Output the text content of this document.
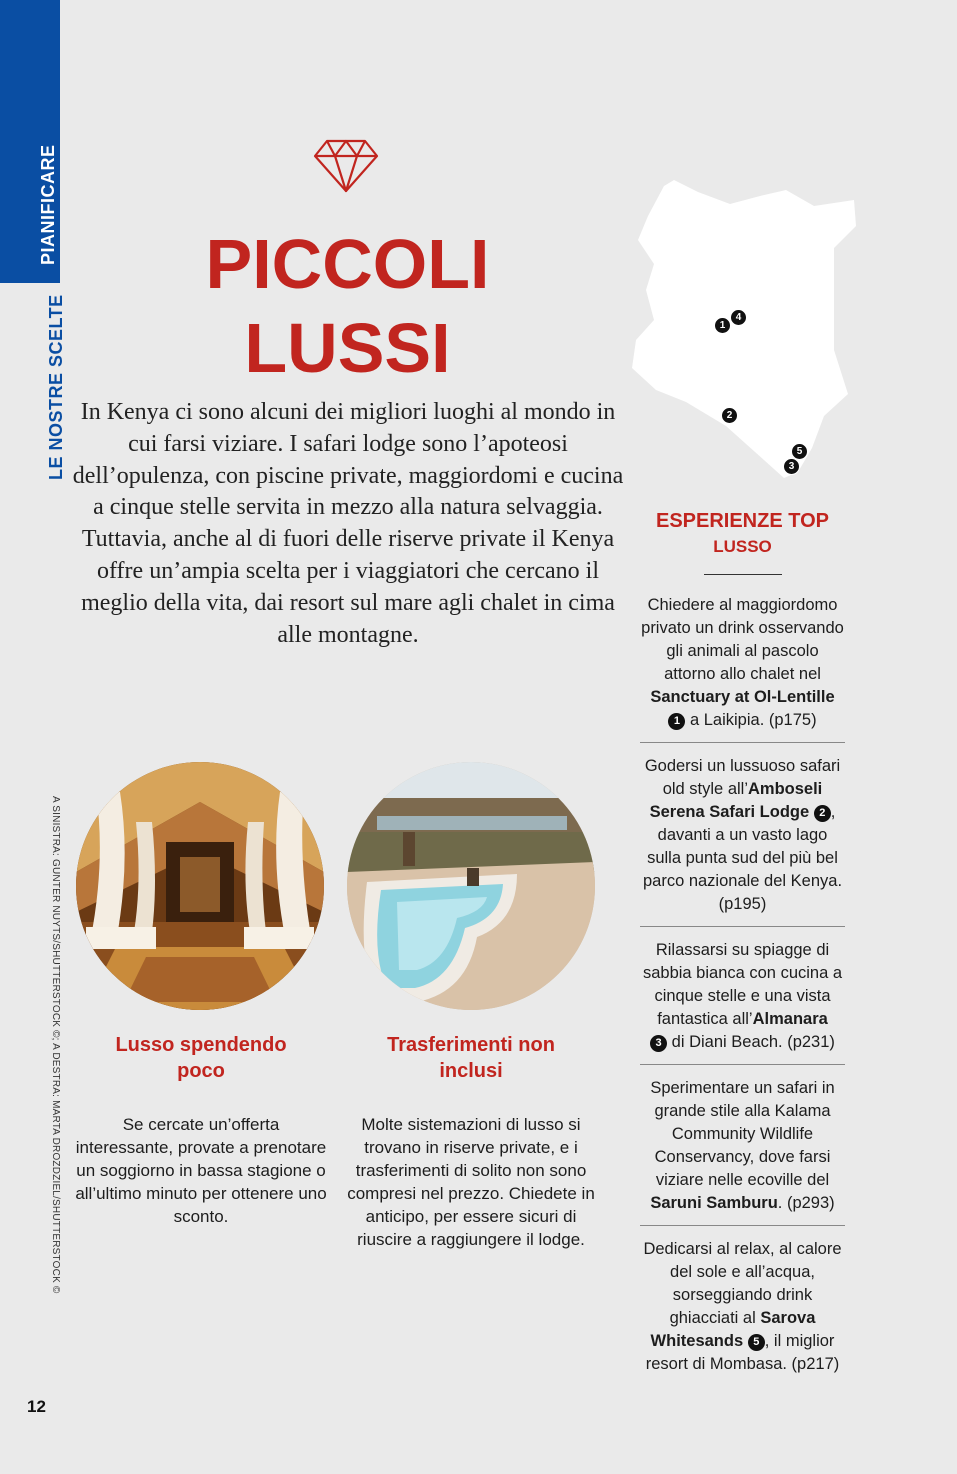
PIANIFICARE
LE NOSTRE SCELTE
A SINISTRA: GUNTER NUYTS/SHUTTERSTOCK ©; A DESTRA: MARTA DROZDZIEL/SHUTTERSTOCK ©
PICCOLI LUSSI

In Kenya ci sono alcuni dei migliori luoghi al mondo in cui farsi viziare. I safari lodge sono l’apoteosi dell’opulenza, con piscine private, maggiordomi e cucina a cinque stelle servita in mezzo alla natura selvaggia. Tuttavia, anche al di fuori delle riserve private il Kenya offre un’ampia scelta per i viaggiatori che cercano il meglio della vita, dai resort sul mare agli chalet in cima alle montagne.

1
4
2
5
3
Lusso spendendo poco

Se cercate un’offerta interessante, provate a prenotare un soggiorno in bassa stagione o all’ultimo minuto per ottenere uno sconto.

Trasferimenti non inclusi

Molte sistemazioni di lusso si trovano in riserve private, e i trasferimenti di solito non sono compresi nel prezzo. Chiedete in anticipo, per essere sicuri di riuscire a raggiungere il lodge.

ESPERIENZE TOP
LUSSO
Chiedere al maggiordomo privato un drink osservando gli animali al pascolo attorno allo chalet nel Sanctuary at Ol-Lentille 1 a Laikipia. (p175)
Godersi un lussuoso safari old style all’Amboseli Serena Safari Lodge 2 , davanti a un vasto lago sulla punta sud del più bel parco nazionale del Kenya. (p195)
Rilassarsi su spiagge di sabbia bianca con cucina a cinque stelle e una vista fantastica all’Almanara
3 di Diani Beach. (p231)
Sperimentare un safari in grande stile alla Kalama Community Wildlife Conservancy, dove farsi viziare nelle ecoville del Saruni Samburu. (p293)
Dedicarsi al relax, al calore del sole e all’acqua, sorseggiando drink ghiacciati al Sarova Whitesands 5 , il miglior resort di Mombasa. (p217)
12
